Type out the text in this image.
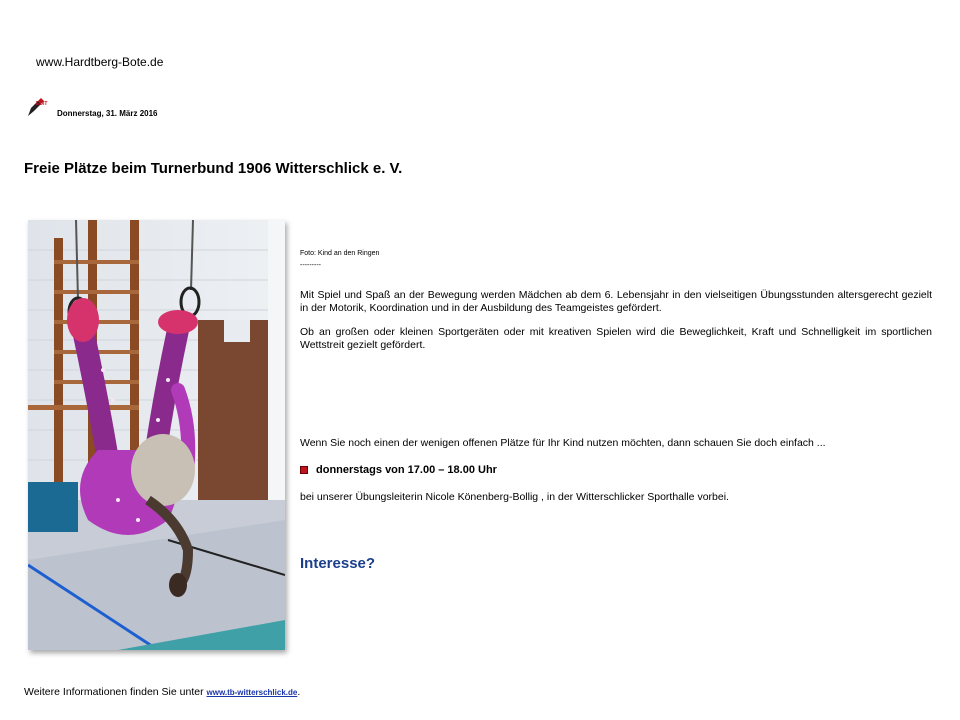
www.Hardtberg-Bote.de
EDIT
Donnerstag, 31. März 2016
Freie Plätze beim Turnerbund 1906 Witterschlick e. V.
Foto: Kind an den Ringen
---------
Mit Spiel und Spaß an der Bewegung werden Mädchen ab dem 6. Lebensjahr in den vielseitigen Übungsstunden altersgerecht gezielt in der Motorik, Koordination und in der Ausbildung des Teamgeistes gefördert.
Ob an großen oder kleinen Sportgeräten oder mit kreativen Spielen wird die Beweglichkeit, Kraft und Schnelligkeit im sportlichen Wettstreit gezielt gefördert.
Wenn Sie noch einen der wenigen offenen Plätze für Ihr Kind nutzen möchten, dann schauen Sie doch einfach ...
donnerstags von 17.00 – 18.00 Uhr
bei unserer Übungsleiterin Nicole Könenberg-Bollig , in der Witterschlicker Sporthalle vorbei.
Interesse?
Weitere Informationen finden Sie unter www.tb-witterschlick.de.
